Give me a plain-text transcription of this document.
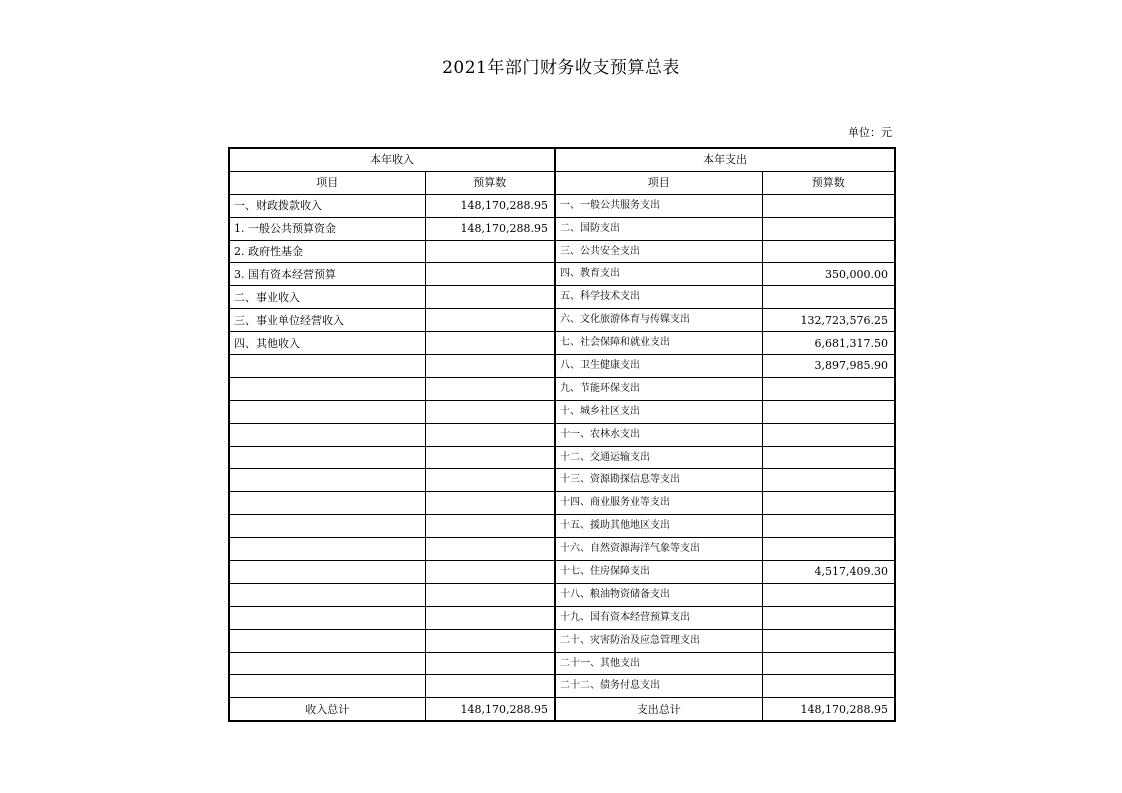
2021年部门财务收支预算总表
单位：元
本年收入		本年支出	
项目	预算数	项目	预算数
一、财政拨款收入	148,170,288.95	一、一般公共服务支出	
1. 一般公共预算资金	148,170,288.95	二、国防支出	
2. 政府性基金		三、公共安全支出	
3. 国有资本经营预算		四、教育支出	350,000.00
二、事业收入		五、科学技术支出	
三、事业单位经营收入		六、文化旅游体育与传媒支出	132,723,576.25
四、其他收入		七、社会保障和就业支出	6,681,317.50
		八、卫生健康支出	3,897,985.90
		九、节能环保支出	
		十、城乡社区支出	
		十一、农林水支出	
		十二、交通运输支出	
		十三、资源勘探信息等支出	
		十四、商业服务业等支出	
		十五、援助其他地区支出	
		十六、自然资源海洋气象等支出	
		十七、住房保障支出	4,517,409.30
		十八、粮油物资储备支出	
		十九、国有资本经营预算支出	
		二十、灾害防治及应急管理支出	
		二十一、其他支出	
		二十二、债务付息支出	
收入总计	148,170,288.95	支出总计	148,170,288.95
